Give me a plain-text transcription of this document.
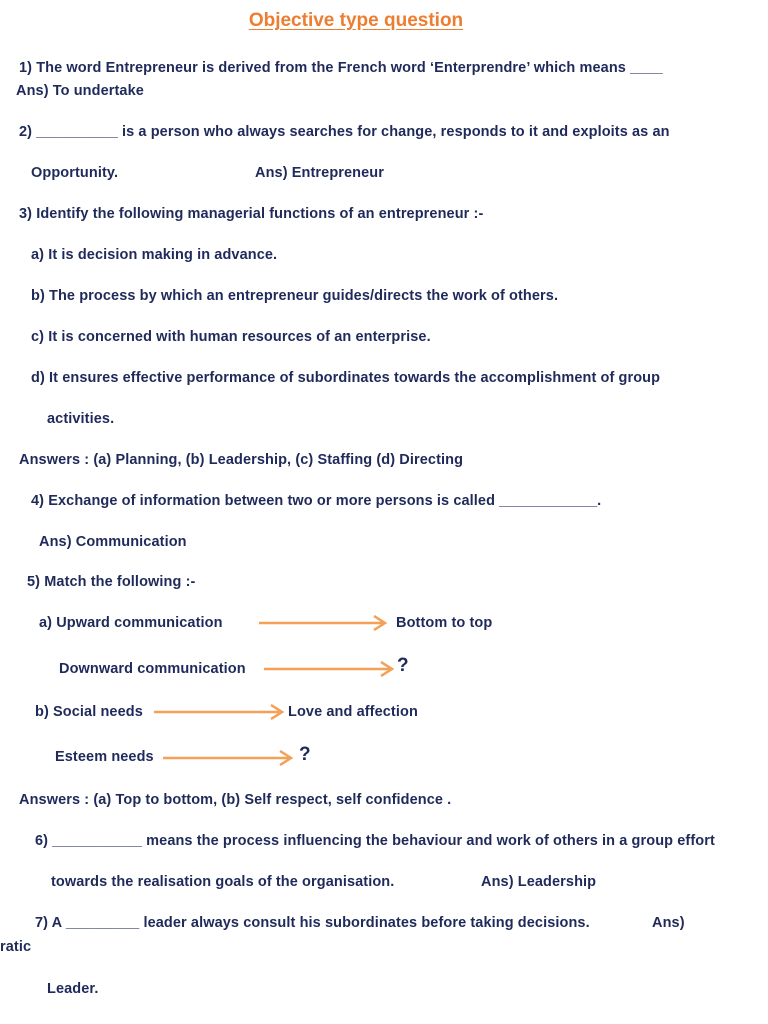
Objective type question
1) The word Entrepreneur is derived from the French word ‘Enterprendre’ which means ____
Ans) To undertake
2) __________ is a person who always searches for change, responds to it and exploits as an
Opportunity.	Ans) Entrepreneur
3) Identify the following managerial functions of an entrepreneur :-
a) It is decision making in advance.
b) The process by which an entrepreneur guides/directs the work of others.
c) It is concerned with human resources of an enterprise.
d) It ensures effective performance of subordinates towards the accomplishment of group
activities.
Answers : (a) Planning, (b) Leadership, (c) Staffing (d) Directing
4) Exchange of information between two or more persons is called ____________.
Ans) Communication
5) Match the following :-
a) Upward communication	Bottom to top
Downward communication	?
b) Social needs	Love and affection
Esteem needs	?
Answers : (a) Top to bottom, (b) Self respect, self confidence .
6) ___________ means the process influencing the behaviour and work of others in a group effort
towards the realisation goals of the organisation.	Ans) Leadership
7) A _________ leader always consult his subordinates before taking decisions.	Ans)
ratic
Leader.
